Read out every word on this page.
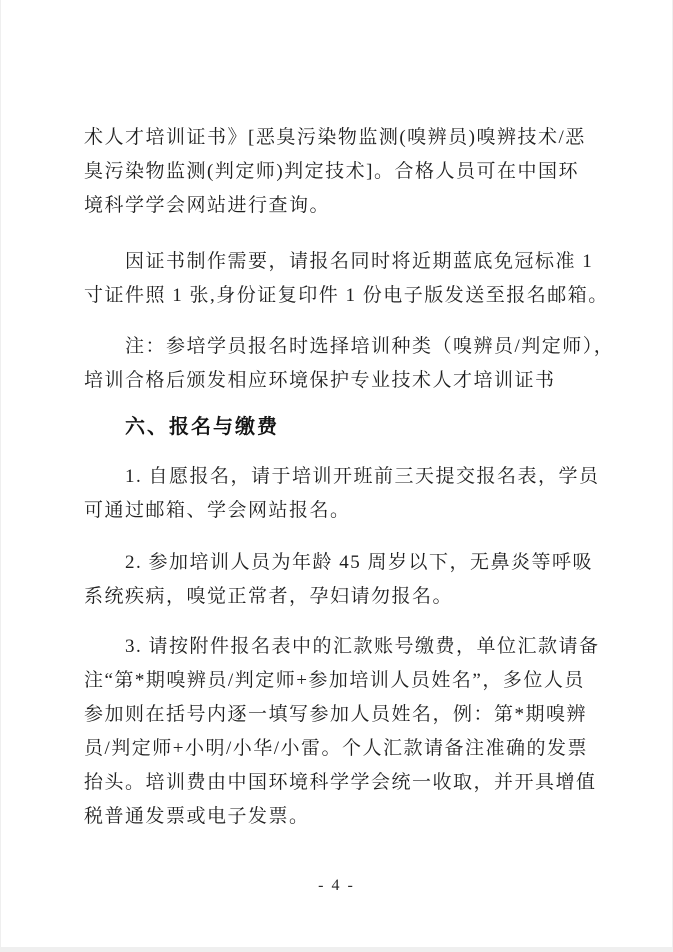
术人才培训证书》[恶臭污染物监测(嗅辨员)嗅辨技术/恶
臭污染物监测(判定师)判定技术]。合格人员可在中国环
境科学学会网站进行查询。
因证书制作需要，请报名同时将近期蓝底免冠标准 1
寸证件照 1 张,身份证复印件 1 份电子版发送至报名邮箱。
注：参培学员报名时选择培训种类（嗅辨员/判定师），
培训合格后颁发相应环境保护专业技术人才培训证书
六、报名与缴费
1. 自愿报名，请于培训开班前三天提交报名表，学员
可通过邮箱、学会网站报名。
2. 参加培训人员为年龄 45 周岁以下，无鼻炎等呼吸
系统疾病，嗅觉正常者，孕妇请勿报名。
3. 请按附件报名表中的汇款账号缴费，单位汇款请备
注“第*期嗅辨员/判定师+参加培训人员姓名”，多位人员
参加则在括号内逐一填写参加人员姓名，例：第*期嗅辨
员/判定师+小明/小华/小雷。个人汇款请备注准确的发票
抬头。培训费由中国环境科学学会统一收取，并开具增值
税普通发票或电子发票。
- 4 -
